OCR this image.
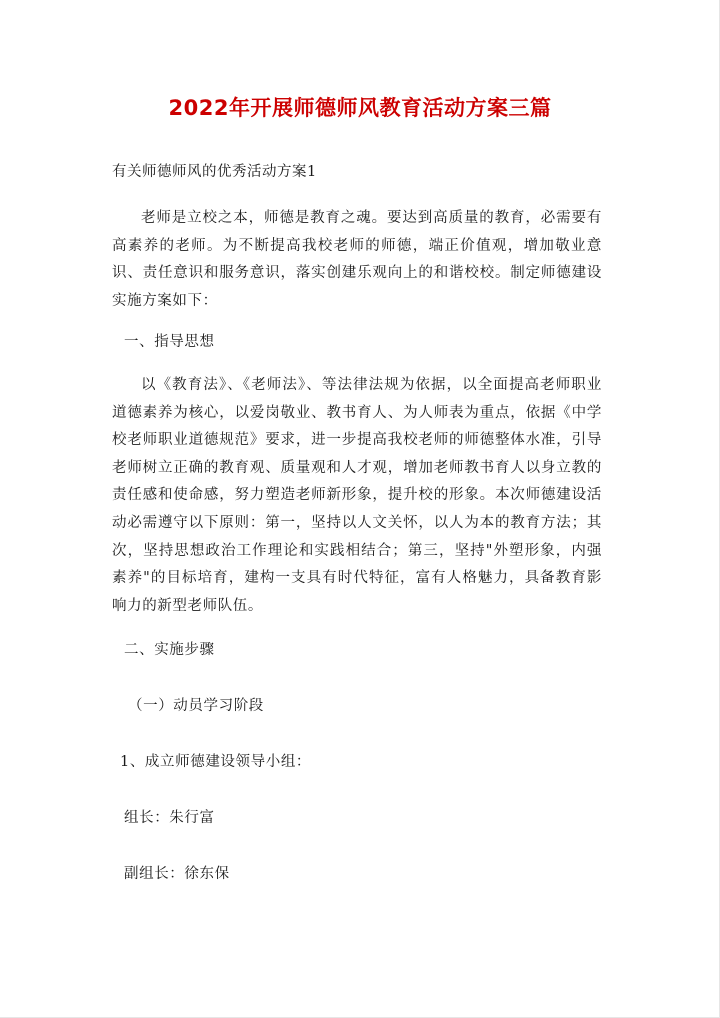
2022年开展师德师风教育活动方案三篇
有关师德师风的优秀活动方案1

老师是立校之本，师德是教育之魂。要达到高质量的教育，必需要有高素养的老师。为不断提高我校老师的师德，端正价值观，增加敬业意识、责任意识和服务意识，落实创建乐观向上的和谐校校。制定师德建设实施方案如下：

一、指导思想

以《教育法》、《老师法》、等法律法规为依据，以全面提高老师职业道德素养为核心，以爱岗敬业、教书育人、为人师表为重点，依据《中学校老师职业道德规范》要求，进一步提高我校老师的师德整体水准，引导老师树立正确的教育观、质量观和人才观，增加老师教书育人以身立教的责任感和使命感，努力塑造老师新形象，提升校的形象。本次师德建设活动必需遵守以下原则：第一，坚持以人文关怀，以人为本的教育方法；其次，坚持思想政治工作理论和实践相结合；第三，坚持"外塑形象，内强素养"的目标培育，建构一支具有时代特征，富有人格魅力，具备教育影响力的新型老师队伍。

二、实施步骤
（一）动员学习阶段
1、成立师德建设领导小组：
组长：朱行富
副组长：徐东保
